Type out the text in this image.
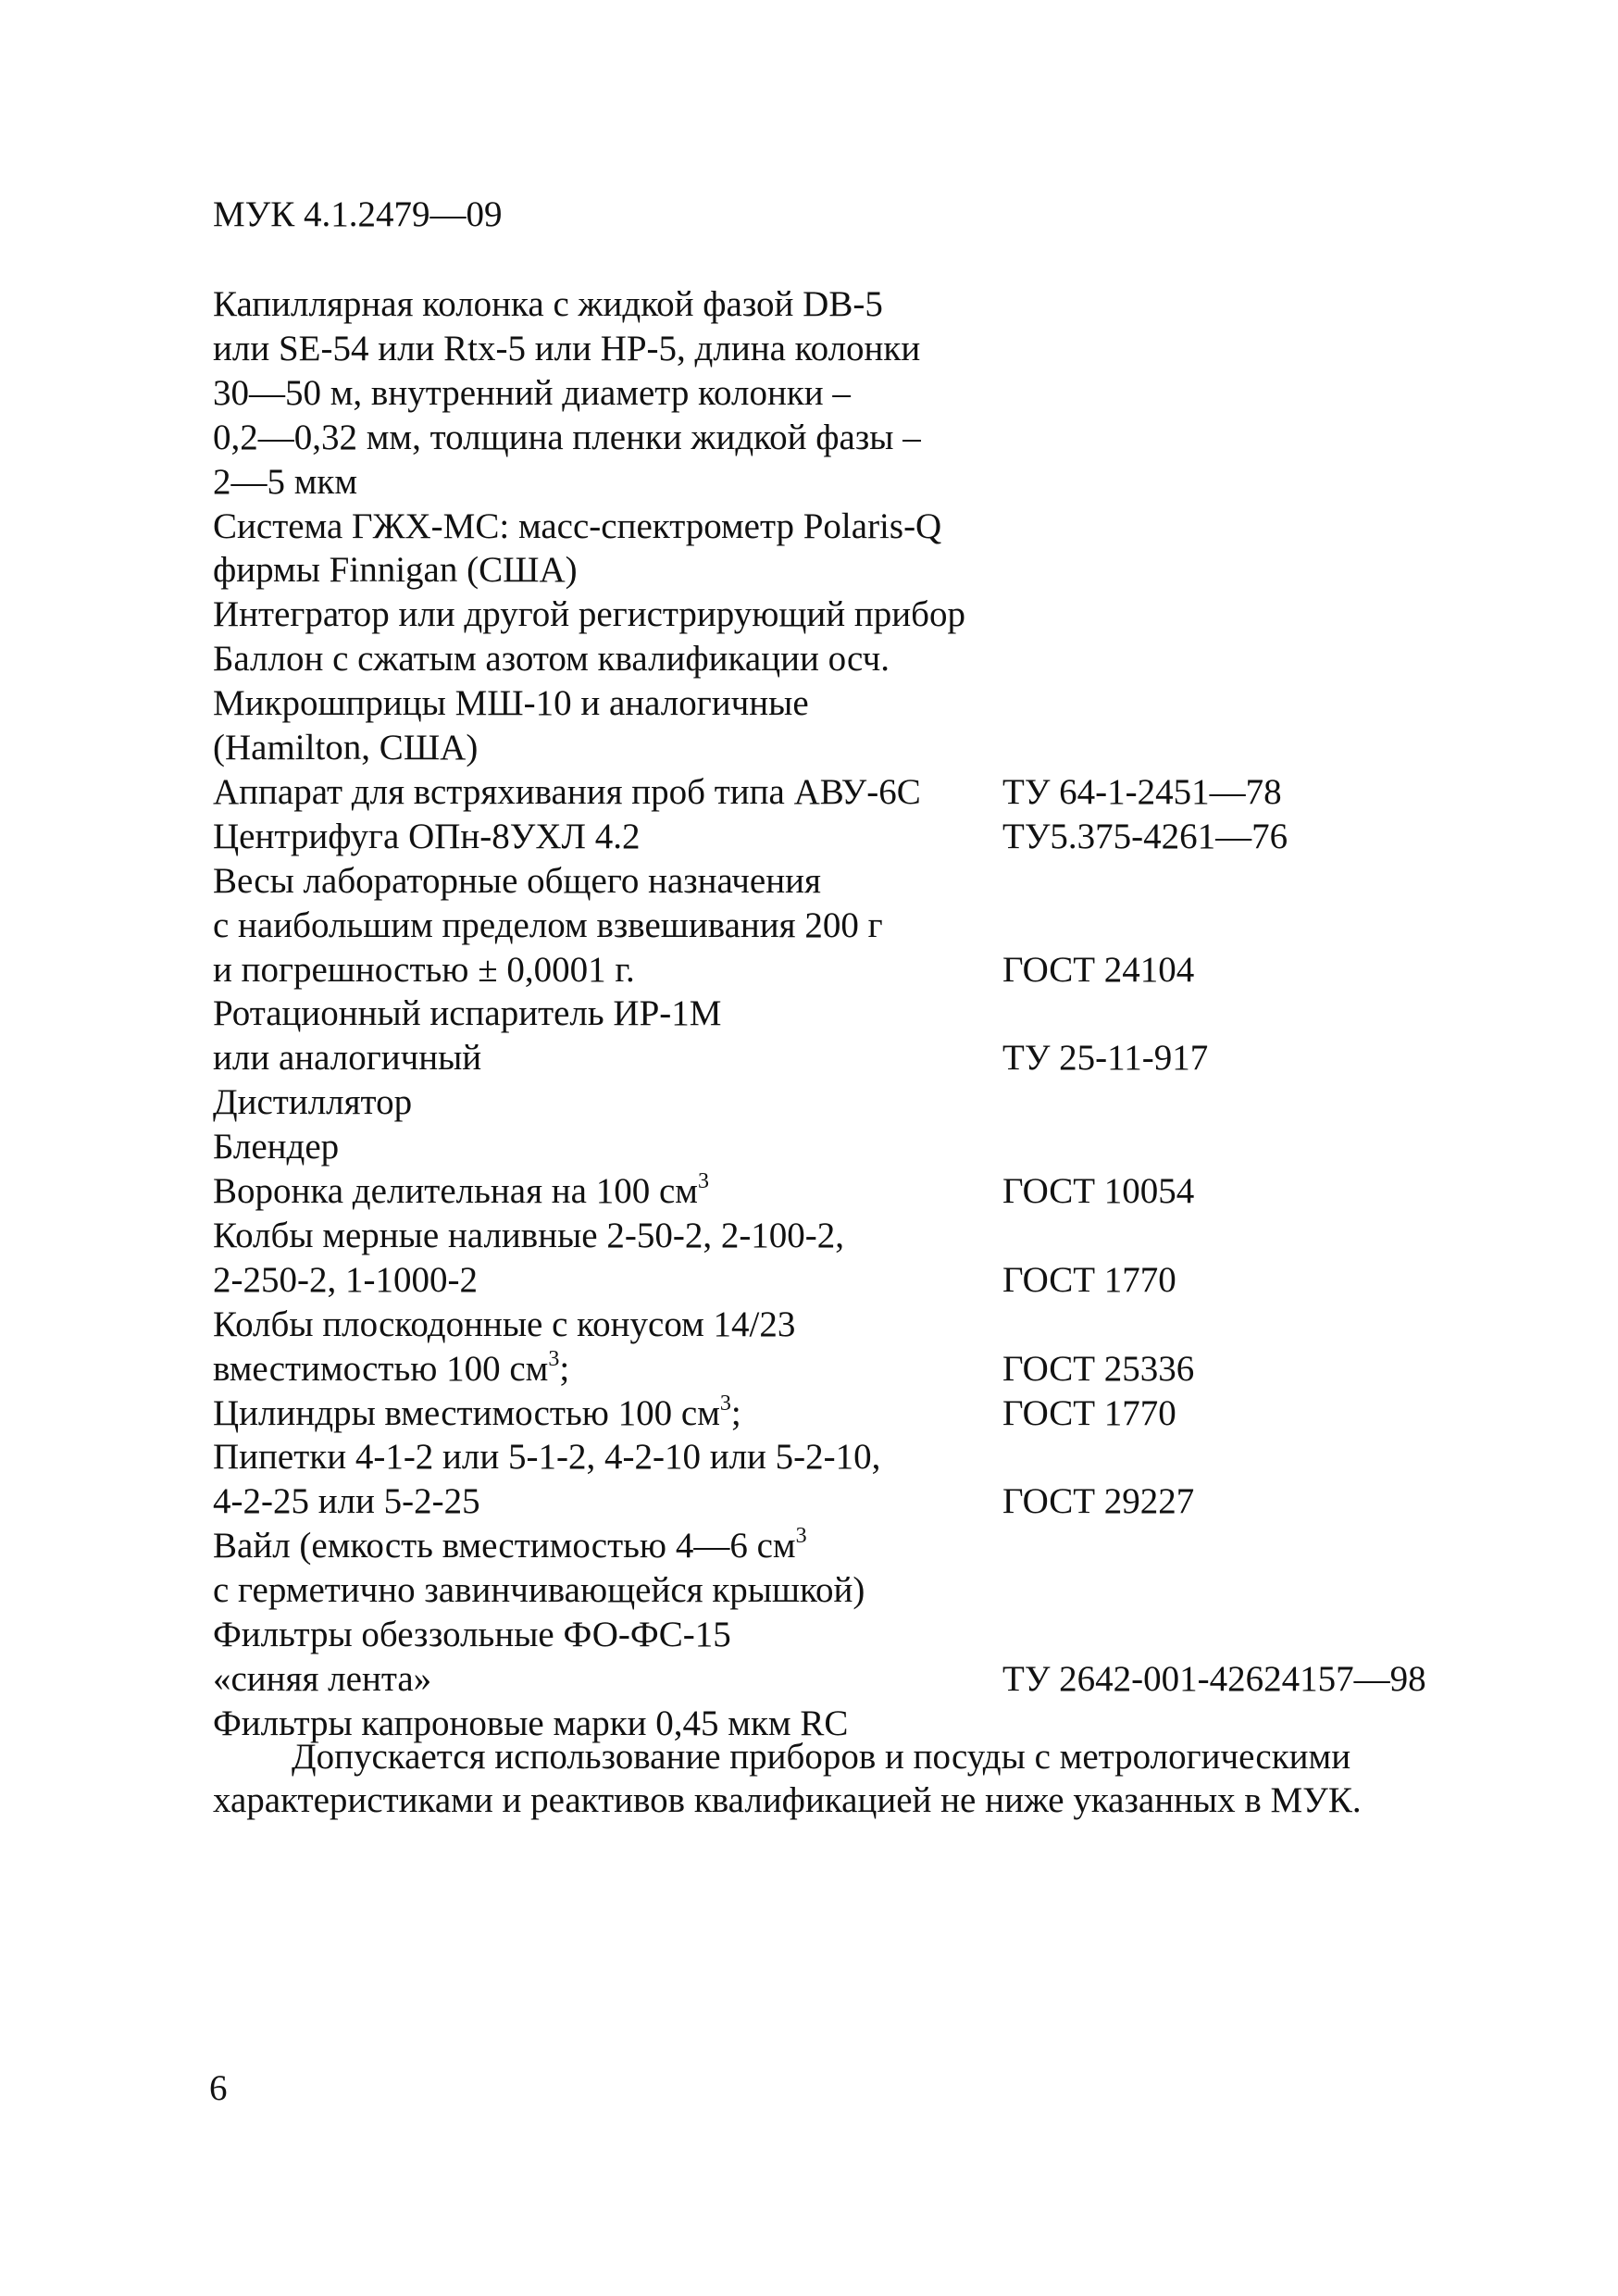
МУК 4.1.2479—09
Капиллярная колонка с жидкой фазой DB-5
или SE-54 или Rtx-5 или HP-5, длина колонки
30—50 м, внутренний диаметр колонки –
0,2—0,32 мм, толщина пленки жидкой фазы –
2—5 мкм
Система ГЖХ-МС: масс-спектрометр Polaris-Q
фирмы Finnigan (США)
Интегратор или другой регистрирующий прибор
Баллон с сжатым азотом квалификации осч.
Микрошприцы МШ-10 и аналогичные
(Hamilton, США)
Аппарат для встряхивания проб типа АВУ-6С ТУ 64-1-2451—78
Центрифуга ОПн-8УХЛ 4.2	ТУ5.375-4261—76
Весы лабораторные общего назначения
с наибольшим пределом взвешивания 200 г
и погрешностью ± 0,0001 г.	ГОСТ 24104
Ротационный испаритель ИР-1М
или аналогичный	ТУ 25-11-917
Дистиллятор
Блендер
Воронка делительная на 100 $см^3$	ГОСТ 10054
Колбы мерные наливные 2-50-2, 2-100-2,
2-250-2, 1-1000-2	ГОСТ 1770
Колбы плоскодонные с конусом 14/23
вместимостью 100 $см^3$;	ГОСТ 25336
Цилиндры вместимостью 100 $см^3$;	ГОСТ 1770
Пипетки 4-1-2 или 5-1-2, 4-2-10 или 5-2-10,
4-2-25 или 5-2-25	ГОСТ 29227
Вайл (емкость вместимостью 4—6 $см^3$
с герметично завинчивающейся крышкой)
Фильтры обеззольные ФО-ФС-15
«синяя лента»	ТУ 2642-001-42624157—98
Фильтры капроновые марки 0,45 мкм RC
Допускается использование приборов и посуды с метрологическими
характеристиками и реактивов квалификацией не ниже указанных в МУК.
6
